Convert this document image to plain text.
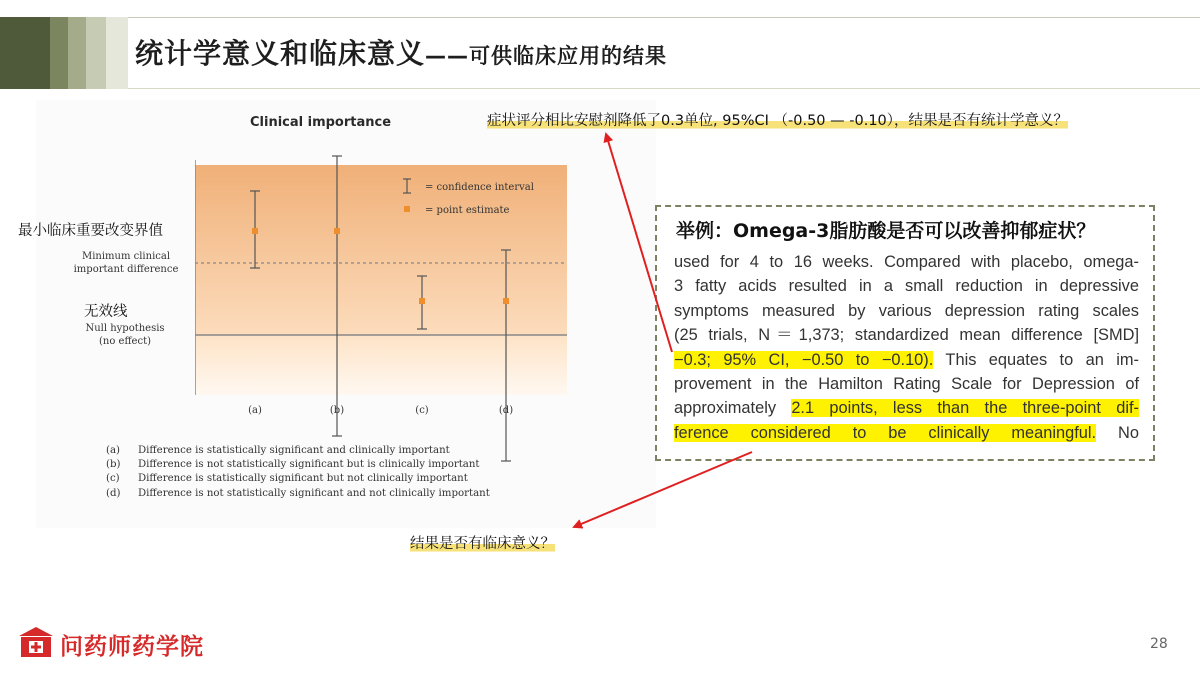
统计学意义和临床意义——可供临床应用的结果
Clinical importance
= confidence interval
= point estimate
(a)	(b)	(c)	(d)
最小临床重要改变界值
Minimum clinical
important difference
无效线
Null hypothesis
(no effect)
(a) Difference is statistically significant and clinically important
(b) Difference is not statistically significant but is clinically important
(c) Difference is statistically significant but not clinically important
(d) Difference is not statistically significant and not clinically important
症状评分相比安慰剂降低了0.3单位, 95%CI （-0.50 — -0.10），结果是否有统计学意义？
结果是否有临床意义？
举例：Omega-3脂肪酸是否可以改善抑郁症状？
used for 4 to 16 weeks. Compared with placebo, omega-
3 fatty acids resulted in a small reduction in depressive
symptoms measured by various depression rating scales
(25 trials, N＝1,373; standardized mean difference [SMD]
−0.3; 95% CI, −0.50 to −0.10). This equates to an im-
provement in the Hamilton Rating Scale for Depression of
approximately 2.1 points, less than the three-point dif-
ference considered to be clinically meaningful. No
问药师药学院	28
